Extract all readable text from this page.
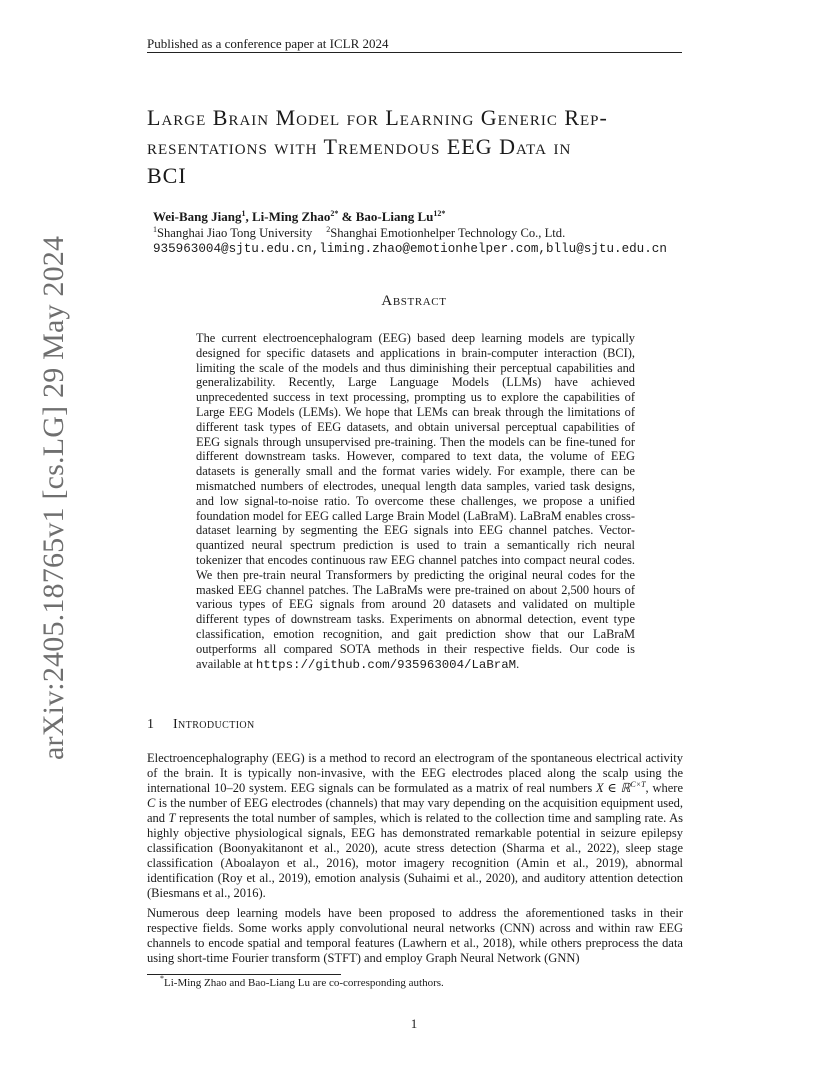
Published as a conference paper at ICLR 2024
arXiv:2405.18765v1 [cs.LG] 29 May 2024
Large Brain Model for Learning Generic Rep-
resentations with Tremendous EEG Data in
BCI
Wei-Bang Jiang$^1$, Li-Ming Zhao$^{2*}$ & Bao-Liang $Lu^{12*}$
$^1$Shanghai Jiao Tong University $^2$Shanghai Emotionhelper Technology Co., Ltd.
935963004@sjtu.edu.cn,liming.zhao@emotionhelper.com,bllu@sjtu.edu.cn
Abstract
The current electroencephalogram (EEG) based deep learning models are typically designed for specific datasets and applications in brain-computer interaction (BCI), limiting the scale of the models and thus diminishing their perceptual capabilities and generalizability. Recently, Large Language Models (LLMs) have achieved unprecedented success in text processing, prompting us to explore the capabilities of Large EEG Models (LEMs). We hope that LEMs can break through the limitations of different task types of EEG datasets, and obtain universal perceptual capabilities of EEG signals through unsupervised pre-training. Then the models can be fine-tuned for different downstream tasks. However, compared to text data, the volume of EEG datasets is generally small and the format varies widely. For example, there can be mismatched numbers of electrodes, unequal length data samples, varied task designs, and low signal-to-noise ratio. To overcome these challenges, we propose a unified foundation model for EEG called Large Brain Model (LaBraM). LaBraM enables cross-dataset learning by segmenting the EEG signals into EEG channel patches. Vector-quantized neural spectrum prediction is used to train a semantically rich neural tokenizer that encodes continuous raw EEG channel patches into compact neural codes. We then pre-train neural Transformers by predicting the original neural codes for the masked EEG channel patches. The LaBraMs were pre-trained on about 2,500 hours of various types of EEG signals from around 20 datasets and validated on multiple different types of downstream tasks. Experiments on abnormal detection, event type classification, emotion recognition, and gait prediction show that our LaBraM outperforms all compared SOTA methods in their respective fields. Our code is available at https://github.com/935963004/LaBraM.
1 Introduction
Electroencephalography (EEG) is a method to record an electrogram of the spontaneous electrical activity of the brain. It is typically non-invasive, with the EEG electrodes placed along the scalp using the international 10–20 system. EEG signals can be formulated as a matrix of real numbers X ∈ ℝ$^{C\times T}$, where C is the number of EEG electrodes (channels) that may vary depending on the acquisition equipment used, and T represents the total number of samples, which is related to the collection time and sampling rate. As highly objective physiological signals, EEG has demonstrated remarkable potential in seizure epilepsy classification (Boonyakitanont et al., 2020), acute stress detection (Sharma et al., 2022), sleep stage classification (Aboalayon et al., 2016), motor imagery recognition (Amin et al., 2019), abnormal identification (Roy et al., 2019), emotion analysis (Suhaimi et al., 2020), and auditory attention detection (Biesmans et al., 2016).
Numerous deep learning models have been proposed to address the aforementioned tasks in their respective fields. Some works apply convolutional neural networks (CNN) across and within raw EEG channels to encode spatial and temporal features (Lawhern et al., 2018), while others preprocess the data using short-time Fourier transform (STFT) and employ Graph Neural Network (GNN)
*Li-Ming Zhao and Bao-Liang Lu are co-corresponding authors.
1
